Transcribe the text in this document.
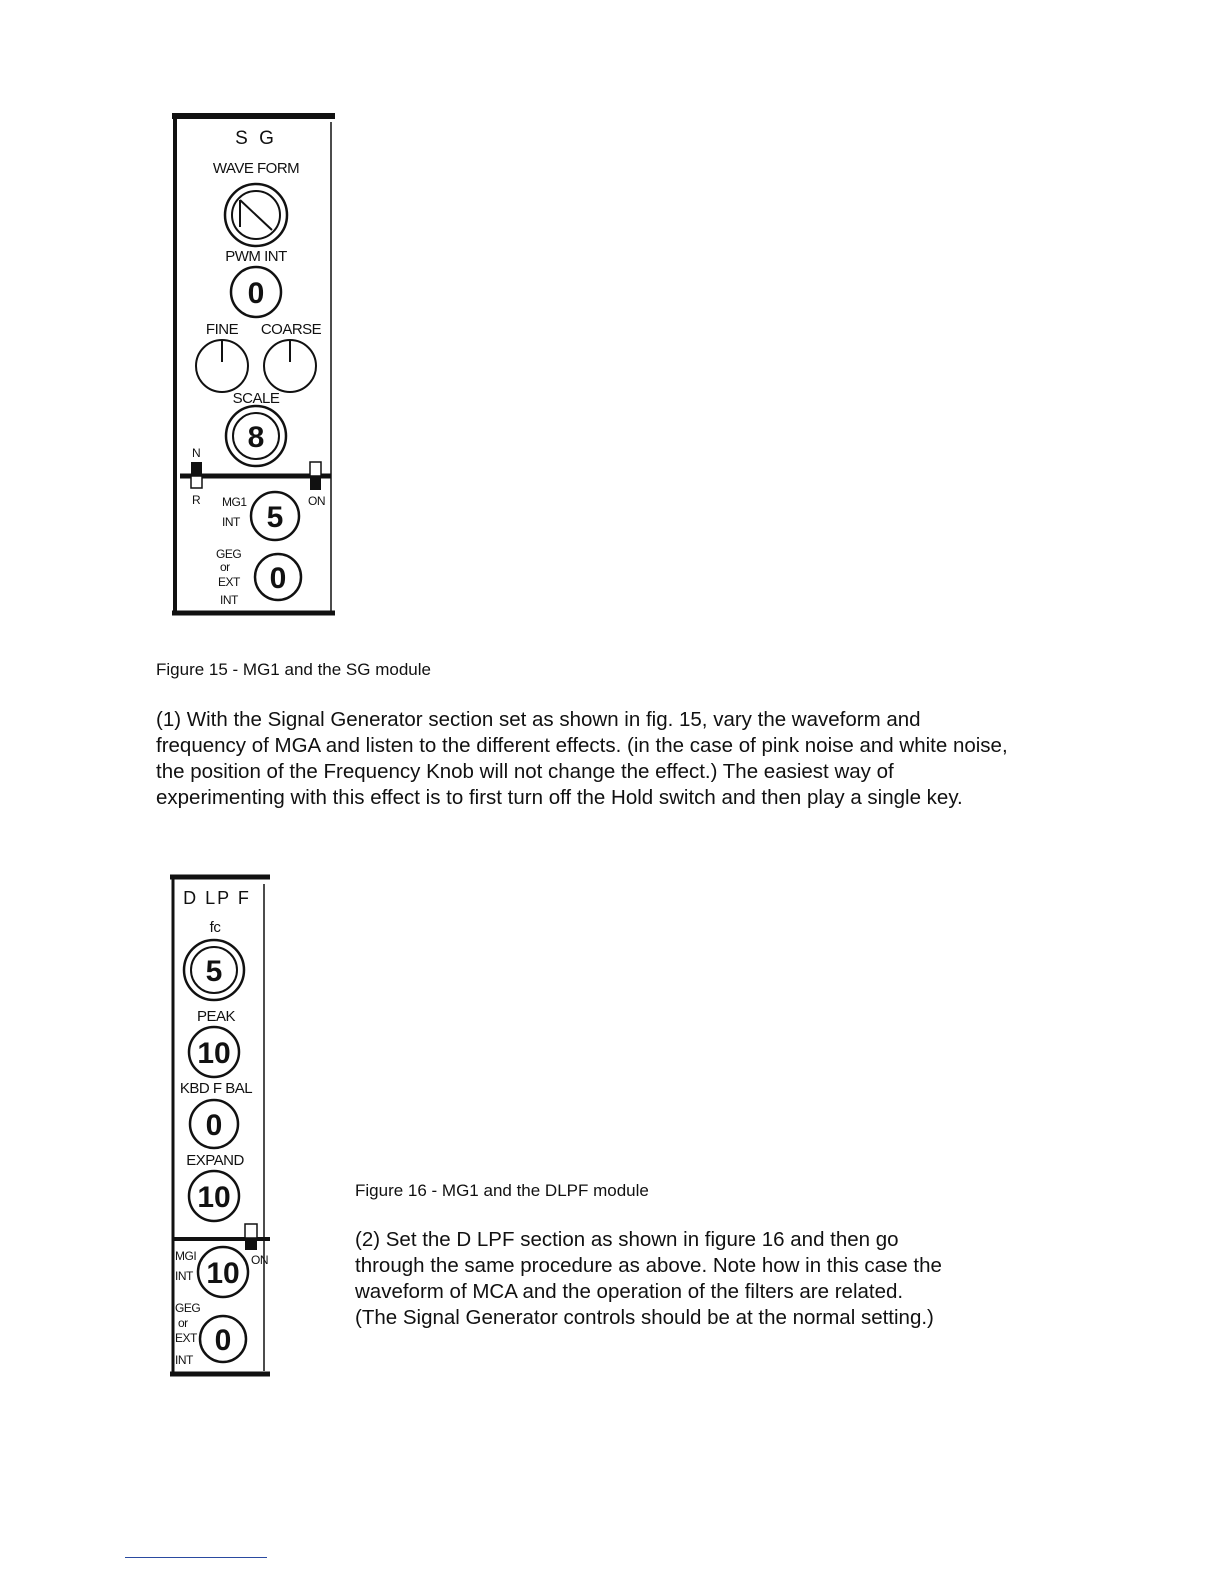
S G
WAVE FORM
PWM INT
0
FINE COARSE
SCALE
8
N
R	ON
MG1
INT 5
GEG
or
EXT
INT
0

Figure 15 - MG1 and the SG module

(1) With the Signal Generator section set as shown in fig. 15, vary the waveform and frequency of MGA and listen to the different effects. (in the case of pink noise and white noise, the position of the Frequency Knob will not change the effect.) The easiest way of experimenting with this effect is to first turn off the Hold switch and then play a single key.

D LP F
fc
5
PEAK
10
KBD F BAL
0
EXPAND
10
ON
MGI
INT 10
GEG
or
EXT
INT
0

Figure 16 - MG1 and the DLPF module

(2) Set the D LPF section as shown in figure 16 and then go through the same procedure as above. Note how in this case the waveform of MCA and the operation of the filters are related. (The Signal Generator controls should be at the normal setting.)
